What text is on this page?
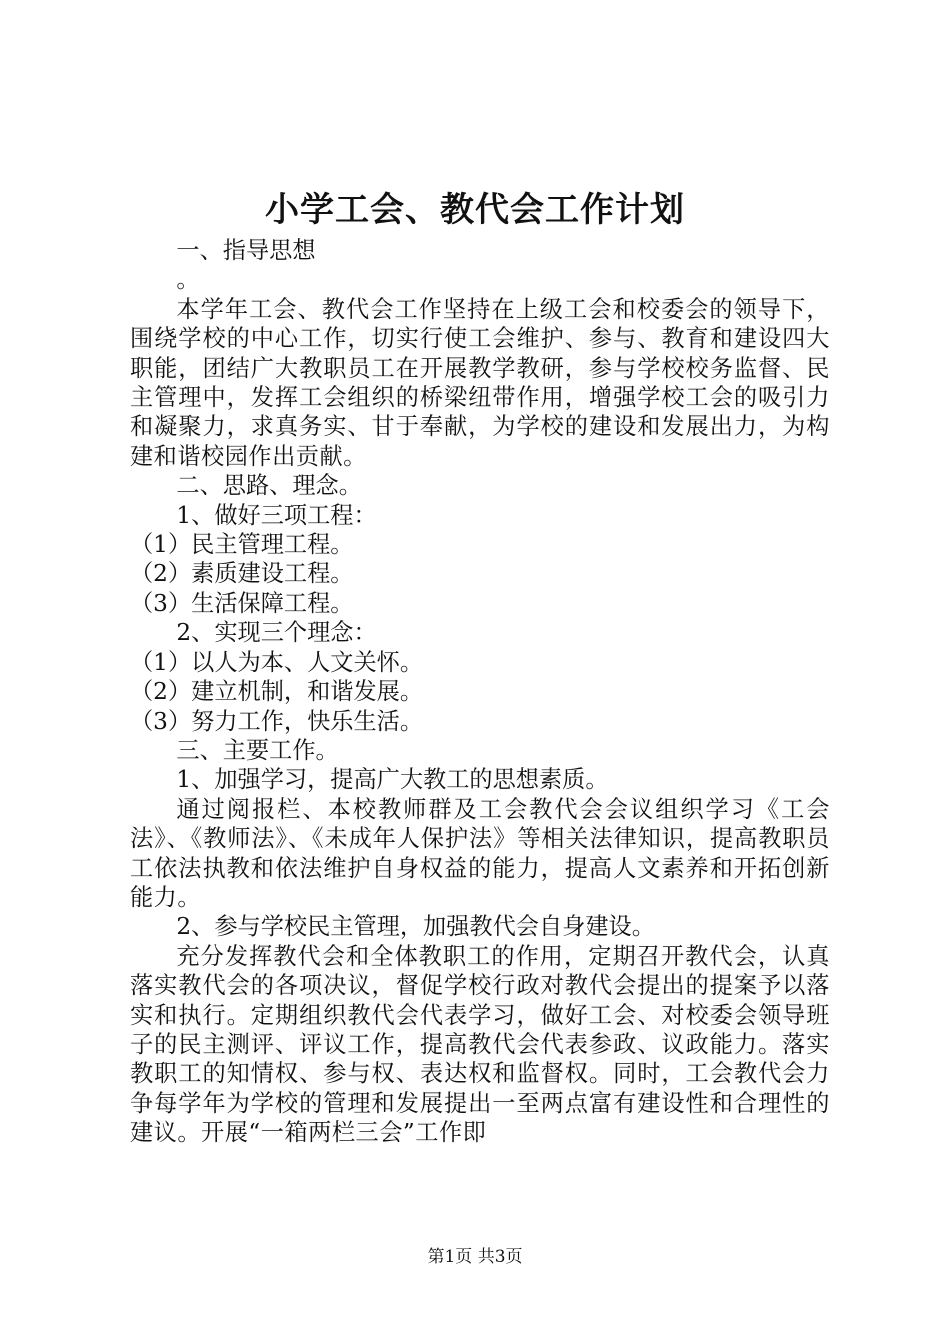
小学工会、教代会工作计划

一、指导思想

。

本学年工会、教代会工作坚持在上级工会和校委会的领导下，围绕学校的中心工作，切实行使工会维护、参与、教育和建设四大职能，团结广大教职员工在开展教学教研，参与学校校务监督、民主管理中，发挥工会组织的桥梁纽带作用，增强学校工会的吸引力和凝聚力，求真务实、甘于奉献，为学校的建设和发展出力，为构建和谐校园作出贡献。

二、思路、理念。

1、做好三项工程：

（1）民主管理工程。

（2）素质建设工程。

（3）生活保障工程。

2、实现三个理念：

（1）以人为本、人文关怀。

（2）建立机制，和谐发展。

（3）努力工作，快乐生活。

三、主要工作。

1、加强学习，提高广大教工的思想素质。

通过阅报栏、本校教师群及工会教代会会议组织学习《工会法》、《教师法》、《未成年人保护法》等相关法律知识，提高教职员工依法执教和依法维护自身权益的能力，提高人文素养和开拓创新能力。

2、参与学校民主管理，加强教代会自身建设。

充分发挥教代会和全体教职工的作用，定期召开教代会，认真落实教代会的各项决议，督促学校行政对教代会提出的提案予以落实和执行。定期组织教代会代表学习，做好工会、对校委会领导班子的民主测评、评议工作，提高教代会代表参政、议政能力。落实教职工的知情权、参与权、表达权和监督权。同时，工会教代会力争每学年为学校的管理和发展提出一至两点富有建设性和合理性的建议。开展“一箱两栏三会”工作即

第1页 共3页
